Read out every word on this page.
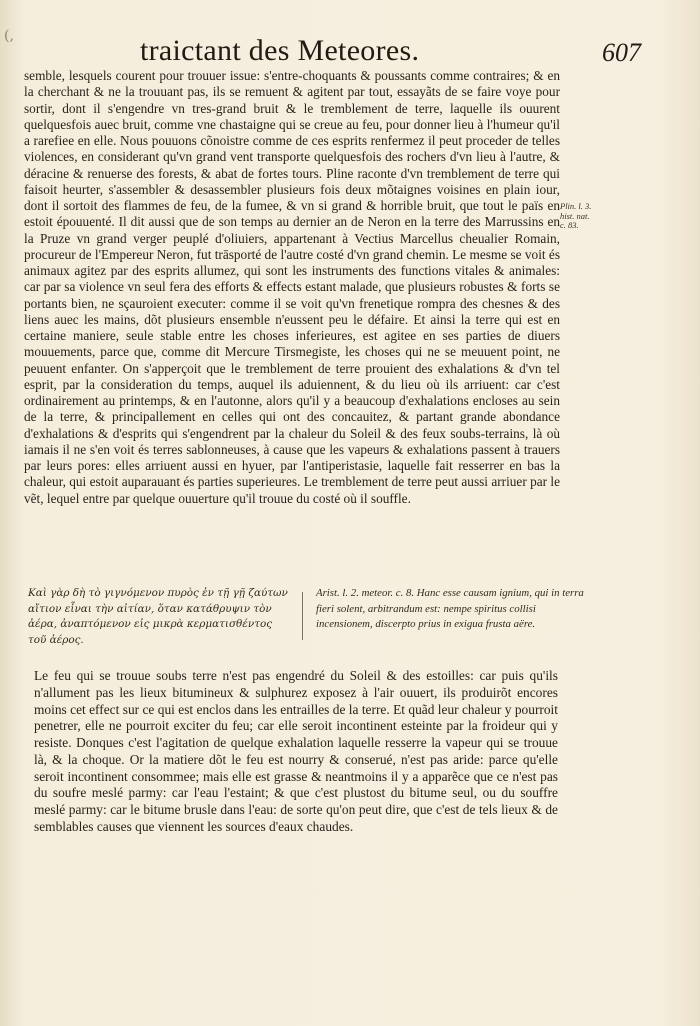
(,	traictant des Meteores.	607

semble, lesquels courent pour trouuer issue: s'entre-choquants & poussants comme contraires; & en la cherchant & ne la trouuant pas, ils se remuent & agitent par tout, essayãts de se faire voye pour sortir, dont il s'engendre vn tres-grand bruit & le tremblement de terre, laquelle ils ouurent quelquesfois auec bruit, comme vne chastaigne qui se creue au feu, pour donner lieu à l'humeur qu'il a rarefiee en elle. Nous pouuons cõnoistre comme de ces esprits renfermez il peut proceder de telles violences, en considerant qu'vn grand vent transporte quelquesfois des rochers d'vn lieu à l'autre, & déracine & renuerse des forests, & abat de fortes tours. Pline raconte d'vn tremblement de terre qui faisoit heurter, s'assembler & desassembler plusieurs fois deux mõtaignes voisines en plain iour, dont il sortoit des flammes de feu, de la fumee, & vn si grand & horrible bruit, que tout le païs en estoit épouuenté. Il dit aussi que de son temps au dernier an de Neron en la terre des Marrussins en la Pruze vn grand verger peuplé d'oliuiers, appartenant à Vectius Marcellus cheualier Romain, procureur de l'Empereur Neron, fut trāsporté de l'autre costé d'vn grand chemin. Le mesme se voit és animaux agitez par des esprits allumez, qui sont les instruments des functions vitales & animales: car par sa violence vn seul fera des efforts & effects estant malade, que plusieurs robustes & forts se portants bien, ne sçauroient executer: comme il se voit qu'vn frenetique rompra des chesnes & des liens auec les mains, dõt plusieurs ensemble n'eussent peu le défaire. Et ainsi la terre qui est en certaine maniere, seule stable entre les choses inferieures, est agitee en ses parties de diuers mouuements, parce que, comme dit Mercure Tirsmegiste, les choses qui ne se meuuent point, ne peuuent enfanter. On s'apperçoit que le tremblement de terre prouient des exhalations & d'vn tel esprit, par la consideration du temps, auquel ils aduiennent, & du lieu où ils arriuent: car c'est ordinairement au printemps, & en l'autonne, alors qu'il y a beaucoup d'exhalations encloses au sein de la terre, & principallement en celles qui ont des concauitez, & partant grande abondance d'exhalations & d'esprits qui s'engendrent par la chaleur du Soleil & des feux soubs-terrains, là où iamais il ne s'en voit és terres sablonneuses, à cause que les vapeurs & exhalations passent à trauers par leurs pores: elles arriuent aussi en hyuer, par l'antiperistasie, laquelle fait resserrer en bas la chaleur, qui estoit auparauant és parties superieures. Le tremblement de terre peut aussi arriuer par le vẽt, lequel entre par quelque ouuerture qu'il trouue du costé où il souffle.

Plin. l. 3. hist. nat. c. 83.
Καὶ γὰρ δὴ τὸ γιγνόμενον πυρὸς ἐν τῇ γῇ ζαύτων αἴτιον εἶναι τὴν αἰτίαν, ὅταν κατάθρυψιν τὸν ἀέρα, ἀναπτόμενον εἰς μικρὰ κερματισθέντος τοῦ ἀέρος.
Arist. l. 2. meteor. c. 8. Hanc esse causam ignium, qui in terra fieri solent, arbitrandum est: nempe spiritus collisi incensionem, discerpto prius in exigua frusta aëre.

Le feu qui se trouue soubs terre n'est pas engendré du Soleil & des estoilles: car puis qu'ils n'allument pas les lieux bitumineux & sulphurez exposez à l'air ouuert, ils produirõt encores moins cet effect sur ce qui est enclos dans les entrailles de la terre. Et quãd leur chaleur y pourroit penetrer, elle ne pourroit exciter du feu; car elle seroit incontinent esteinte par la froideur qui y resiste. Donques c'est l'agitation de quelque exhalation laquelle resserre la vapeur qui se trouue là, & la choque. Or la matiere dõt le feu est nourry & conserué, n'est pas aride: parce qu'elle seroit incontinent consommee; mais elle est grasse & neantmoins il y a apparẽce que ce n'est pas du soufre meslé parmy: car l'eau l'estaint; & que c'est plustost du bitume seul, ou du souffre meslé parmy: car le bitume brusle dans l'eau: de sorte qu'on peut dire, que c'est de tels lieux & de semblables causes que viennent les sources d'eaux chaudes.
